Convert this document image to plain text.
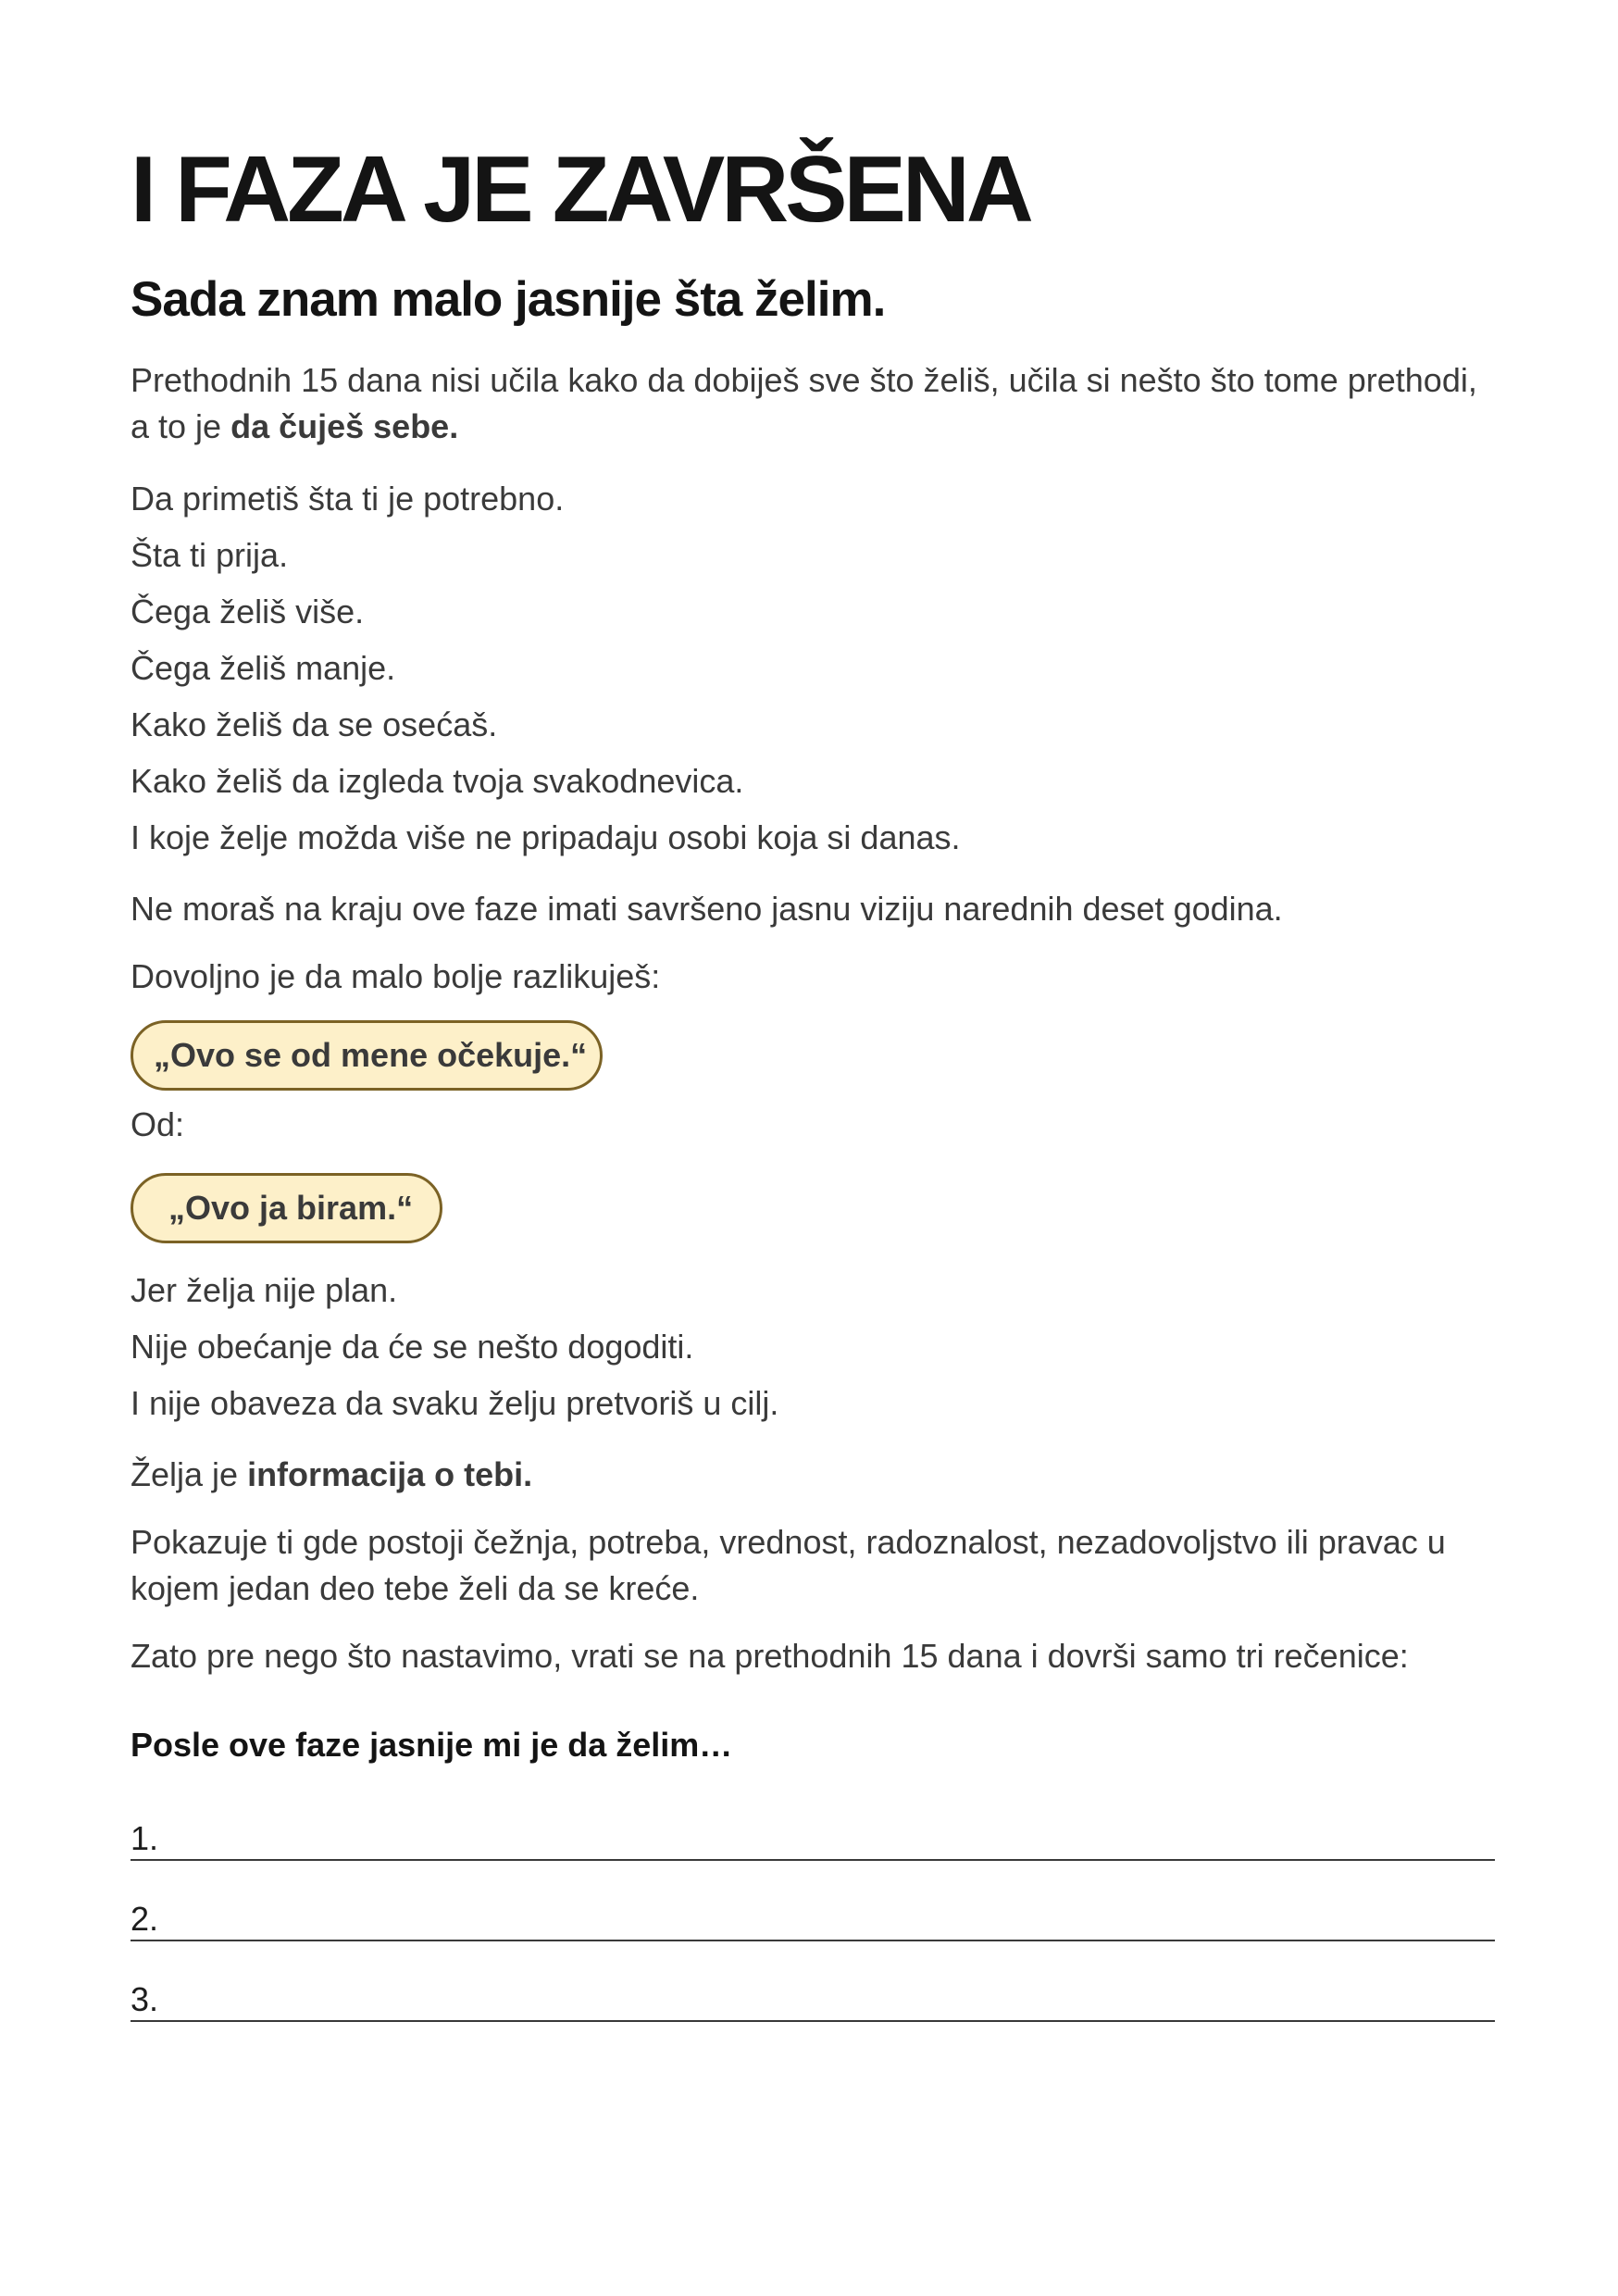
I FAZA JE ZAVRŠENA
Sada znam malo jasnije šta želim.

Prethodnih 15 dana nisi učila kako da dobiješ sve što želiš, učila si nešto što tome prethodi, a to je da čuješ sebe.

Da primetiš šta ti je potrebno.

Šta ti prija.

Čega želiš više.

Čega želiš manje.

Kako želiš da se osećaš.

Kako želiš da izgleda tvoja svakodnevica.

I koje želje možda više ne pripadaju osobi koja si danas.

Ne moraš na kraju ove faze imati savršeno jasnu viziju narednih deset godina.

Dovoljno je da malo bolje razlikuješ:

„Ovo se od mene očekuje.“

Od:

„Ovo ja biram.“

Jer želja nije plan.

Nije obećanje da će se nešto dogoditi.

I nije obaveza da svaku želju pretvoriš u cilj.

Želja je informacija o tebi.

Pokazuje ti gde postoji čežnja, potreba, vrednost, radoznalost, nezadovoljstvo ili pravac u kojem jedan deo tebe želi da se kreće.

Zato pre nego što nastavimo, vrati se na prethodnih 15 dana i dovrši samo tri rečenice:

Posle ove faze jasnije mi je da želim…
1.
2.
3.
